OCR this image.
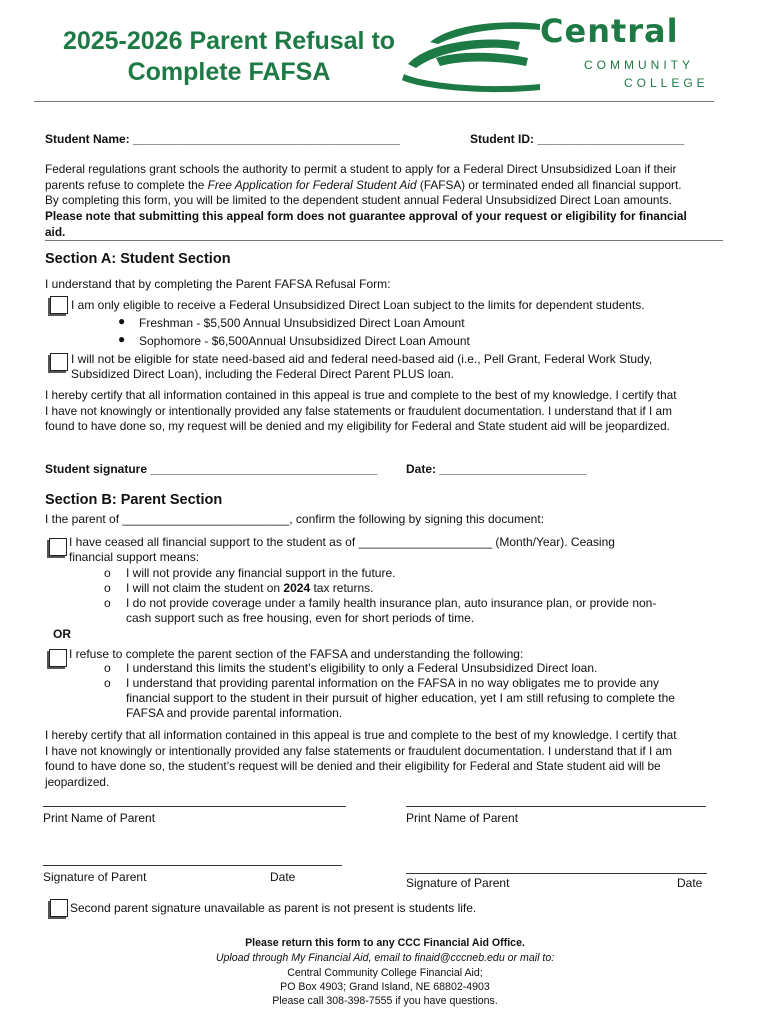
2025-2026 Parent Refusal to
Complete FAFSA
Central
COMMUNITY
COLLEGE
Student Name: ________________________________________	Student ID: ______________________
Federal regulations grant schools the authority to permit a student to apply for a Federal Direct Unsubsidized Loan if their
parents refuse to complete the Free Application for Federal Student Aid (FAFSA) or terminated ended all financial support.
By completing this form, you will be limited to the dependent student annual Federal Unsubsidized Direct Loan amounts.
Please note that submitting this appeal form does not guarantee approval of your request or eligibility for financial
aid.
Section A: Student Section
I understand that by completing the Parent FAFSA Refusal Form:
I am only eligible to receive a Federal Unsubsidized Direct Loan subject to the limits for dependent students.
● Freshman - $5,500 Annual Unsubsidized Direct Loan Amount
● Sophomore - $6,500Annual Unsubsidized Direct Loan Amount
I will not be eligible for state need-based aid and federal need-based aid (i.e., Pell Grant, Federal Work Study,
Subsidized Direct Loan), including the Federal Direct Parent PLUS loan.
I hereby certify that all information contained in this appeal is true and complete to the best of my knowledge. I certify that
I have not knowingly or intentionally provided any false statements or fraudulent documentation. I understand that if I am
found to have done so, my request will be denied and my eligibility for Federal and State student aid will be jeopardized.
Student signature __________________________________ Date: ______________________
Section B: Parent Section
I the parent of _________________________, confirm the following by signing this document:
I have ceased all financial support to the student as of ____________________ (Month/Year). Ceasing
financial support means:
o I will not provide any financial support in the future.
o I will not claim the student on 2024 tax returns.
o I do not provide coverage under a family health insurance plan, auto insurance plan, or provide non-
cash support such as free housing, even for short periods of time.
OR
I refuse to complete the parent section of the FAFSA and understanding the following:
o I understand this limits the student’s eligibility to only a Federal Unsubsidized Direct loan.
o I understand that providing parental information on the FAFSA in no way obligates me to provide any
financial support to the student in their pursuit of higher education, yet I am still refusing to complete the
FAFSA and provide parental information.
I hereby certify that all information contained in this appeal is true and complete to the best of my knowledge. I certify that
I have not knowingly or intentionally provided any false statements or fraudulent documentation. I understand that if I am
found to have done so, the student’s request will be denied and their eligibility for Federal and State student aid will be
jeopardized.
Print Name of Parent	Print Name of Parent
Signature of Parent	Date	Signature of Parent	Date
Second parent signature unavailable as parent is not present is students life.
Please return this form to any CCC Financial Aid Office.
Upload through My Financial Aid, email to finaid@cccneb.edu or mail to:
Central Community College Financial Aid;
PO Box 4903; Grand Island, NE 68802-4903
Please call 308-398-7555 if you have questions.
